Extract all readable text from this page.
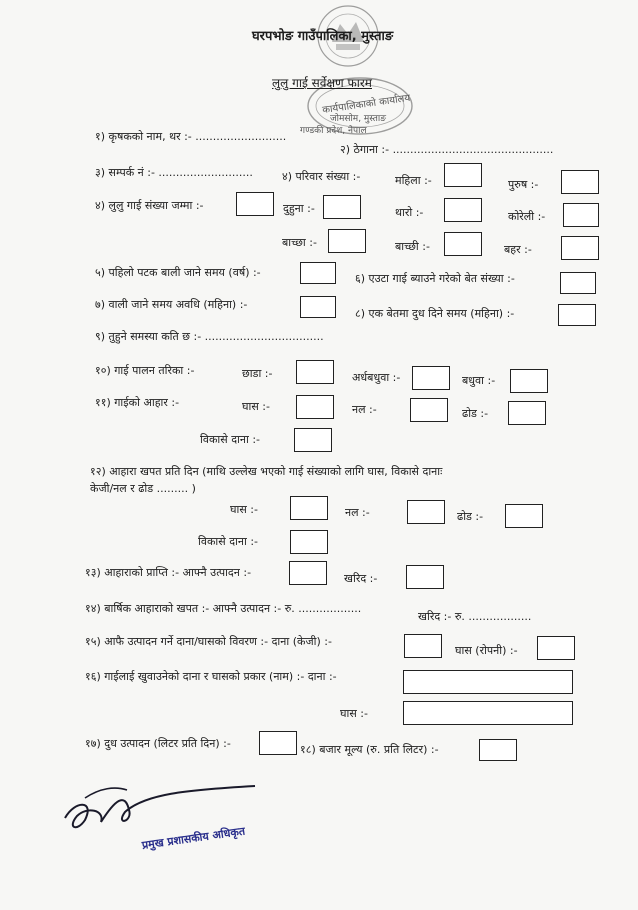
घरपभोङ गाउँपालिका, मुस्ताङ
लुलु गाई सर्वेक्षण फारम
कार्यपालिकाको कार्यालय
जोमसोम, मुस्ताङ
गण्डकी प्रदेश, नेपाल
१) कृषकको नाम, थर :- ..........................
२) ठेगाना :- ..............................................
३) सम्पर्क नं :- ...........................	४) परिवार संख्या :-	महिला :-	पुरुष :-
४) लुलु गाई संख्या जम्मा :-	दुहुना :-	थारो :-	कोरेली :-
बाच्छा :-	बाच्छी :-	बहर :-
५) पहिलो पटक बाली जाने समय (वर्ष) :-	६) एउटा गाई ब्याउने गरेको बेत संख्या :-
७) वाली जाने समय अवधि (महिना) :-
८) एक बेतमा दुध दिने समय (महिना) :-
९) तुहुने समस्या कति छ :- ..................................
१०) गाई पालन तरिका :-	छाडा :-	अर्धबधुवा :-	बधुवा :-
११) गाईको आहार :-	घास :-	नल :-	ढोड :-
विकासे दाना :-
१२) आहारा खपत प्रति दिन (माथि उल्लेख भएको गाई संख्याको लागि घास, विकासे दानाः
केजी/नल र ढोड ......... )
घास :-	नल :-	ढोड :-
विकासे दाना :-
१३) आहाराको प्राप्ति :- आफ्नै उत्पादन :-	खरिद :-
१४) बार्षिक आहाराको खपत :- आफ्नै उत्पादन :- रु. ..................
खरिद :- रु. ..................
१५) आफै उत्पादन गर्ने दाना/घासको विवरण :- दाना (केजी) :-
घास (रोपनी) :-
१६) गाईलाई खुवाउनेको दाना र घासको प्रकार (नाम) :- दाना :-
घास :-
१७) दुध उत्पादन (लिटर प्रति दिन) :-	१८) बजार मूल्य (रु. प्रति लिटर) :-
प्रमुख प्रशासकीय अधिकृत
